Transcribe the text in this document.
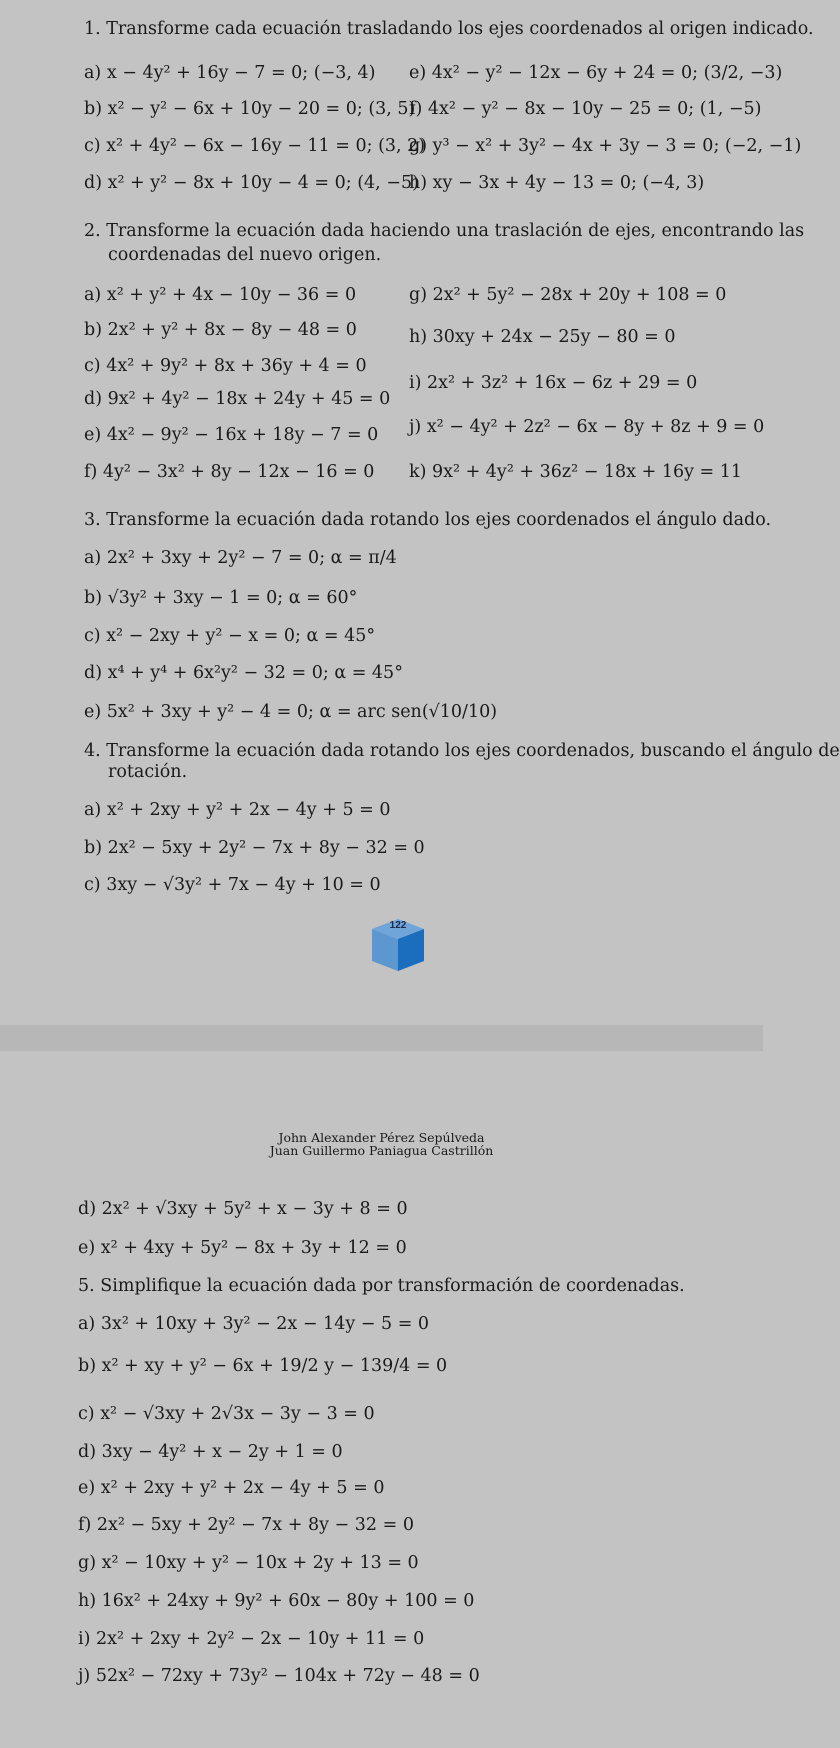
1. Transforme cada ecuación trasladando los ejes coordenados al origen indicado.
a) x − 4y² + 16y − 7 = 0; (−3, 4) e) 4x² − y² − 12x − 6y + 24 = 0; (3/2, −3)
b) x² − y² − 6x + 10y − 20 = 0; (3, 5)
f) 4x² − y² − 8x − 10y − 25 = 0; (1, −5)
c) x² + 4y² − 6x − 16y − 11 = 0; (3, 2)
g) y³ − x² + 3y² − 4x + 3y − 3 = 0; (−2, −1)
d) x² + y² − 8x + 10y − 4 = 0; (4, −5)
h) xy − 3x + 4y − 13 = 0; (−4, 3)
2. Transforme la ecuación dada haciendo una traslación de ejes, encontrando las
coordenadas del nuevo origen.
a) x² + y² + 4x − 10y − 36 = 0	g) 2x² + 5y² − 28x + 20y + 108 = 0
b) 2x² + y² + 8x − 8y − 48 = 0	h) 30xy + 24x − 25y − 80 = 0
c) 4x² + 9y² + 8x + 36y + 4 = 0
i) 2x² + 3z² + 16x − 6z + 29 = 0
d) 9x² + 4y² − 18x + 24y + 45 = 0
e) 4x² − 9y² − 16x + 18y − 7 = 0 j) x² − 4y² + 2z² − 6x − 8y + 8z + 9 = 0
f) 4y² − 3x² + 8y − 12x − 16 = 0 k) 9x² + 4y² + 36z² − 18x + 16y = 11
3. Transforme la ecuación dada rotando los ejes coordenados el ángulo dado.
a) 2x² + 3xy + 2y² − 7 = 0; α = π/4
b) √3y² + 3xy − 1 = 0; α = 60°
c) x² − 2xy + y² − x = 0; α = 45°
d) x⁴ + y⁴ + 6x²y² − 32 = 0; α = 45°
e) 5x² + 3xy + y² − 4 = 0; α = arc sen(√10/10)
4. Transforme la ecuación dada rotando los ejes coordenados, buscando el ángulo de
rotación.
a) x² + 2xy + y² + 2x − 4y + 5 = 0
b) 2x² − 5xy + 2y² − 7x + 8y − 32 = 0
c) 3xy − √3y² + 7x − 4y + 10 = 0
122
John Alexander Pérez Sepúlveda
Juan Guillermo Paniagua Castrillón
d) 2x² + √3xy + 5y² + x − 3y + 8 = 0
e) x² + 4xy + 5y² − 8x + 3y + 12 = 0
5. Simplifique la ecuación dada por transformación de coordenadas.
a) 3x² + 10xy + 3y² − 2x − 14y − 5 = 0
b) x² + xy + y² − 6x + 19/2 y − 139/4 = 0
c) x² − √3xy + 2√3x − 3y − 3 = 0
d) 3xy − 4y² + x − 2y + 1 = 0
e) x² + 2xy + y² + 2x − 4y + 5 = 0
f) 2x² − 5xy + 2y² − 7x + 8y − 32 = 0
g) x² − 10xy + y² − 10x + 2y + 13 = 0
h) 16x² + 24xy + 9y² + 60x − 80y + 100 = 0
i) 2x² + 2xy + 2y² − 2x − 10y + 11 = 0
j) 52x² − 72xy + 73y² − 104x + 72y − 48 = 0
